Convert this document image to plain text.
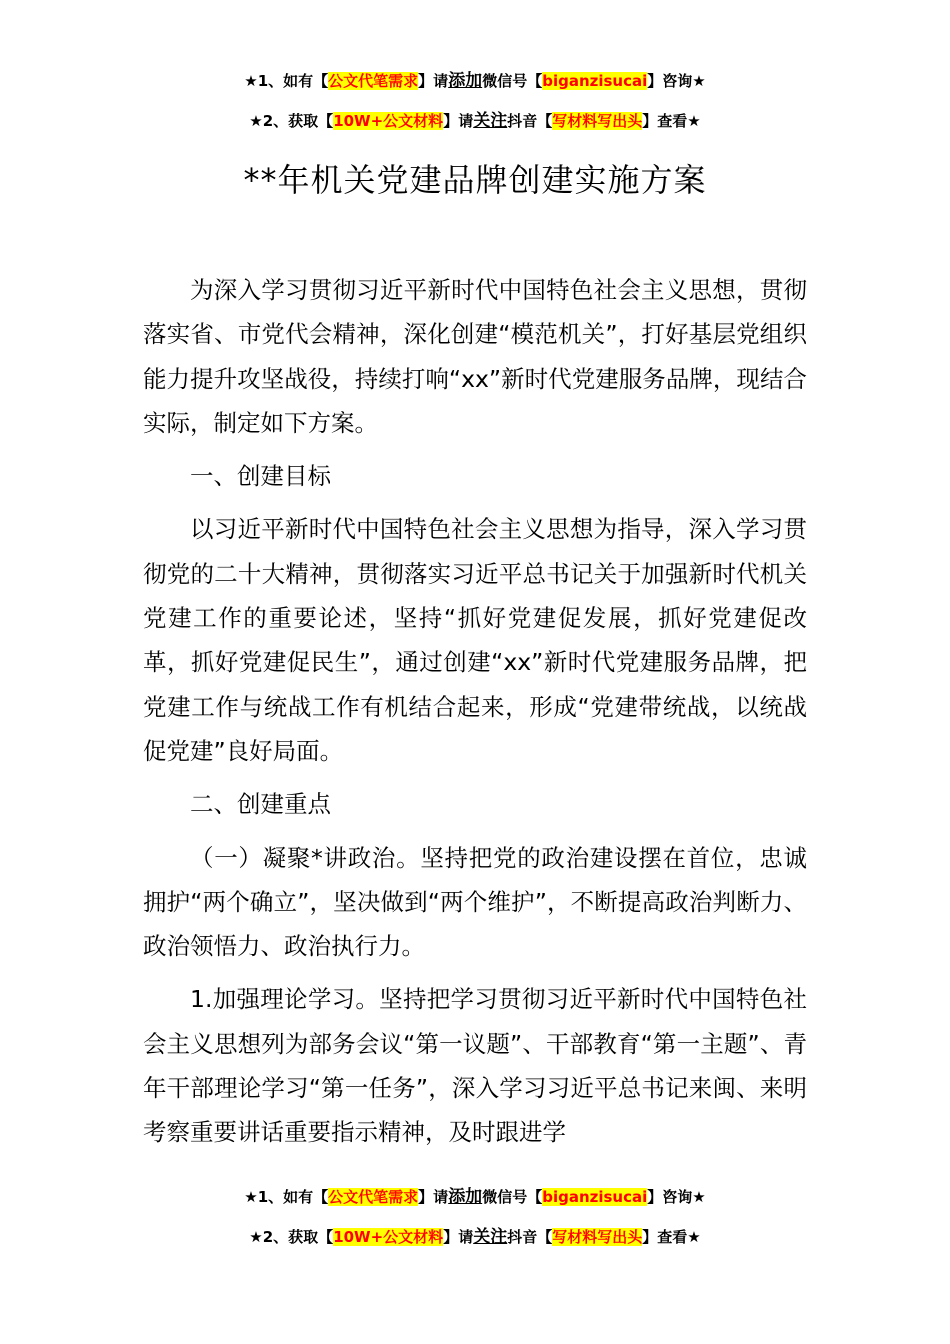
★1、如有【公文代笔需求】请添加微信号【biganzisucai】咨询★
★2、获取【10W+公文材料】请关注抖音【写材料写出头】查看★
**年机关党建品牌创建实施方案

为深入学习贯彻习近平新时代中国特色社会主义思想，贯彻落实省、市党代会精神，深化创建“模范机关”，打好基层党组织能力提升攻坚战役，持续打响“xx”新时代党建服务品牌，现结合实际，制定如下方案。

一、创建目标

以习近平新时代中国特色社会主义思想为指导，深入学习贯彻党的二十大精神，贯彻落实习近平总书记关于加强新时代机关党建工作的重要论述，坚持“抓好党建促发展，抓好党建促改革，抓好党建促民生”，通过创建“xx”新时代党建服务品牌，把党建工作与统战工作有机结合起来，形成“党建带统战，以统战促党建”良好局面。

二、创建重点

（一）凝聚*讲政治。坚持把党的政治建设摆在首位，忠诚拥护“两个确立”，坚决做到“两个维护”，不断提高政治判断力、政治领悟力、政治执行力。

1.加强理论学习。坚持把学习贯彻习近平新时代中国特色社会主义思想列为部务会议“第一议题”、干部教育“第一主题”、青年干部理论学习“第一任务”，深入学习习近平总书记来闽、来明考察重要讲话重要指示精神，及时跟进学

★1、如有【公文代笔需求】请添加微信号【biganzisucai】咨询★
★2、获取【10W+公文材料】请关注抖音【写材料写出头】查看★
